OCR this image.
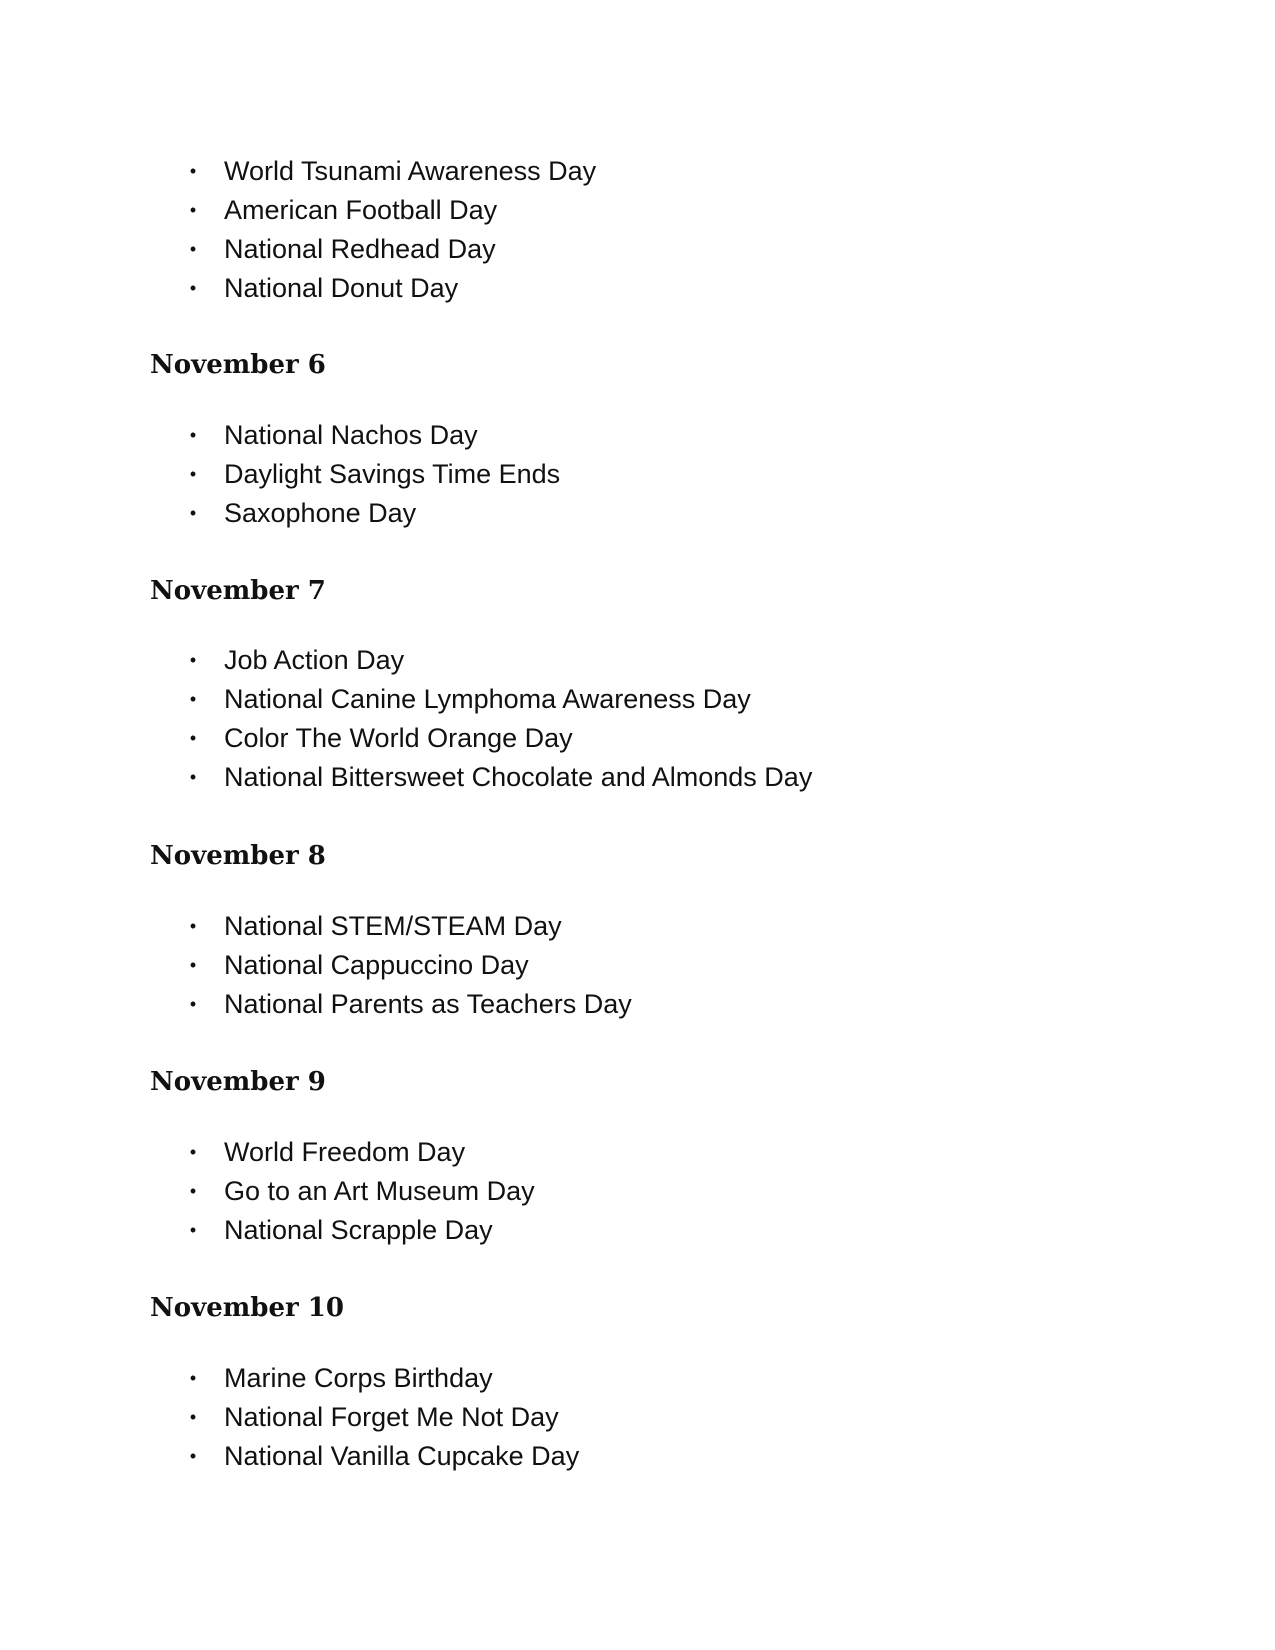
• World Tsunami Awareness Day
• American Football Day
• National Redhead Day
• National Donut Day
November 6
• National Nachos Day
• Daylight Savings Time Ends
• Saxophone Day
November 7
• Job Action Day
• National Canine Lymphoma Awareness Day
• Color The World Orange Day
• National Bittersweet Chocolate and Almonds Day
November 8
• National STEM/STEAM Day
• National Cappuccino Day
• National Parents as Teachers Day
November 9
• World Freedom Day
• Go to an Art Museum Day
• National Scrapple Day
November 10
• Marine Corps Birthday
• National Forget Me Not Day
• National Vanilla Cupcake Day
